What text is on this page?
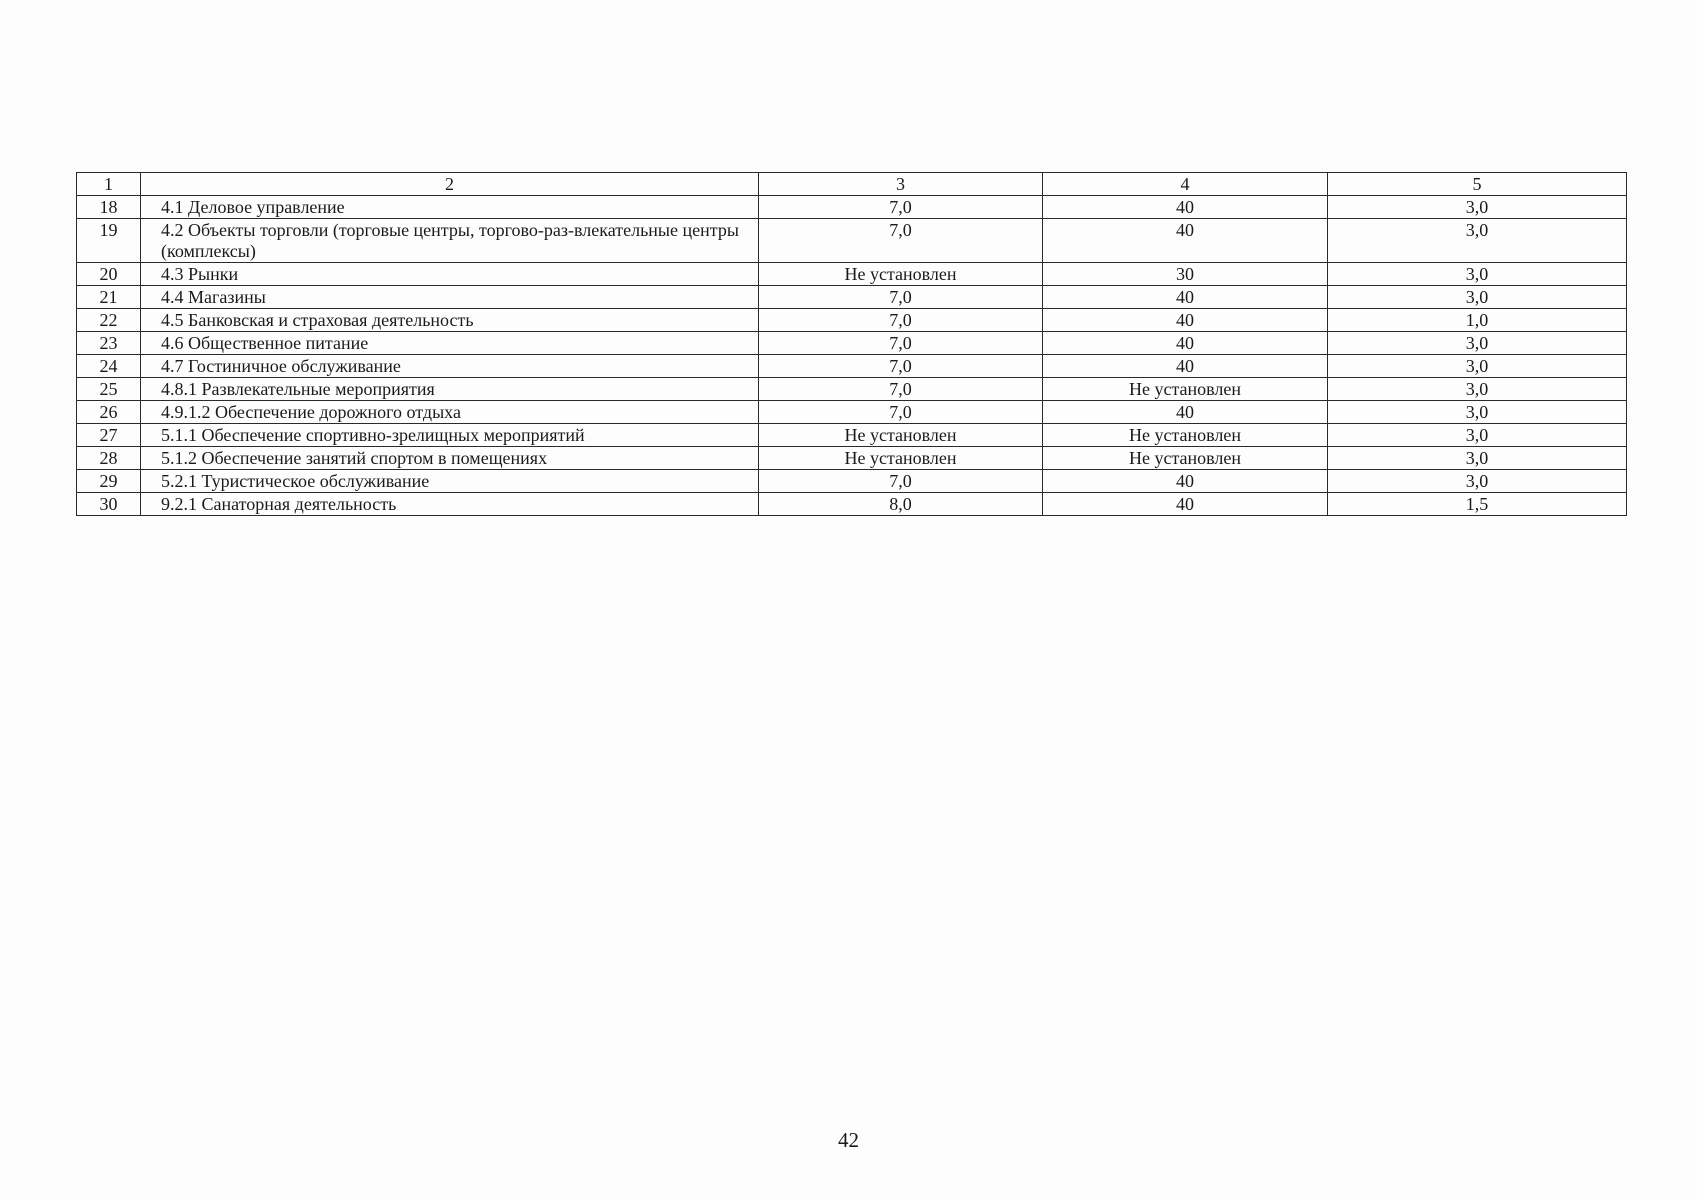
1	2	3	4	5
18	4.1 Деловое управление	7,0	40	3,0
19	4.2 Объекты торговли (торговые центры, торгово-раз-влекательные центры (комплексы)	7,0	40	3,0
20	4.3 Рынки	Не установлен	30	3,0
21	4.4 Магазины	7,0	40	3,0
22	4.5 Банковская и страховая деятельность	7,0	40	1,0
23	4.6 Общественное питание	7,0	40	3,0
24	4.7 Гостиничное обслуживание	7,0	40	3,0
25	4.8.1 Развлекательные мероприятия	7,0	Не установлен	3,0
26	4.9.1.2 Обеспечение дорожного отдыха	7,0	40	3,0
27	5.1.1 Обеспечение спортивно-зрелищных мероприятий	Не установлен	Не установлен	3,0
28	5.1.2 Обеспечение занятий спортом в помещениях	Не установлен	Не установлен	3,0
29	5.2.1 Туристическое обслуживание	7,0	40	3,0
30	9.2.1 Санаторная деятельность	8,0	40	1,5
42
